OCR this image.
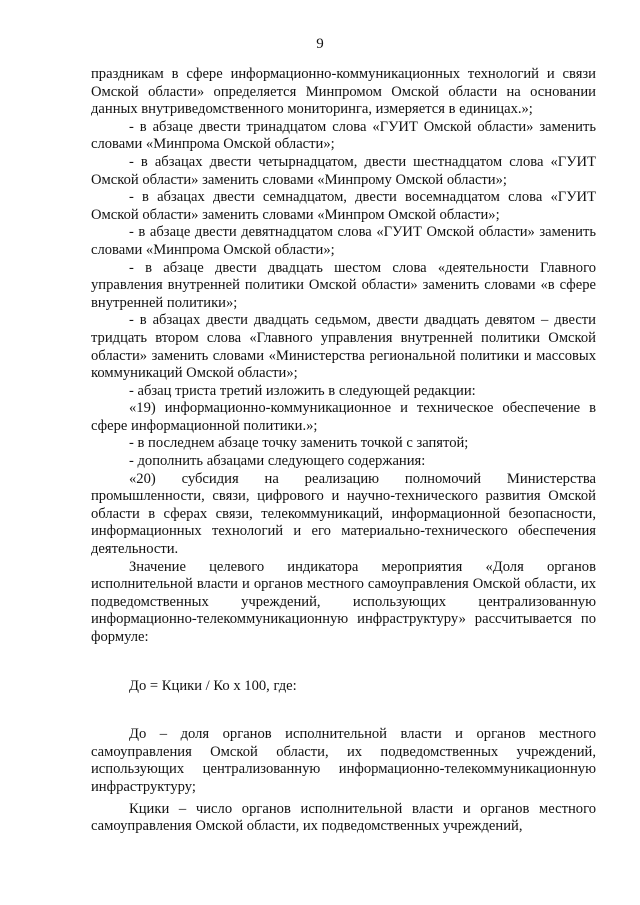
9

праздникам в сфере информационно-коммуникационных технологий и связи Омской области» определяется Минпромом Омской области на основании данных внутриведомственного мониторинга, измеряется в единицах.»;

- в абзаце двести тринадцатом слова «ГУИТ Омской области» заменить словами «Минпрома Омской области»;

- в абзацах двести четырнадцатом, двести шестнадцатом слова «ГУИТ Омской области» заменить словами «Минпрому Омской области»;

- в абзацах двести семнадцатом, двести восемнадцатом слова «ГУИТ Омской области» заменить словами «Минпром Омской области»;

- в абзаце двести девятнадцатом слова «ГУИТ Омской области» заменить словами «Минпрома Омской области»;

- в абзаце двести двадцать шестом слова «деятельности Главного управления внутренней политики Омской области» заменить словами «в сфере внутренней политики»;

- в абзацах двести двадцать седьмом, двести двадцать девятом – двести тридцать втором слова «Главного управления внутренней политики Омской области» заменить словами «Министерства региональной политики и массовых коммуникаций Омской области»;

- абзац триста третий изложить в следующей редакции:

«19) информационно-коммуникационное и техническое обеспечение в сфере информационной политики.»;

- в последнем абзаце точку заменить точкой с запятой;

- дополнить абзацами следующего содержания:

«20) субсидия на реализацию полномочий Министерства промышленности, связи, цифрового и научно-технического развития Омской области в сферах связи, телекоммуникаций, информационной безопасности, информационных технологий и его материально-технического обеспечения деятельности.

Значение целевого индикатора мероприятия «Доля органов исполнительной власти и органов местного самоуправления Омской области, их подведомственных учреждений, использующих централизованную информационно-телекоммуникационную инфраструктуру» рассчитывается по формуле:

До = Кцики / Ко x 100, где:

До – доля органов исполнительной власти и органов местного самоуправления Омской области, их подведомственных учреждений, использующих централизованную информационно-телекоммуникационную инфраструктуру;

Кцики – число органов исполнительной власти и органов местного самоуправления Омской области, их подведомственных учреждений,
